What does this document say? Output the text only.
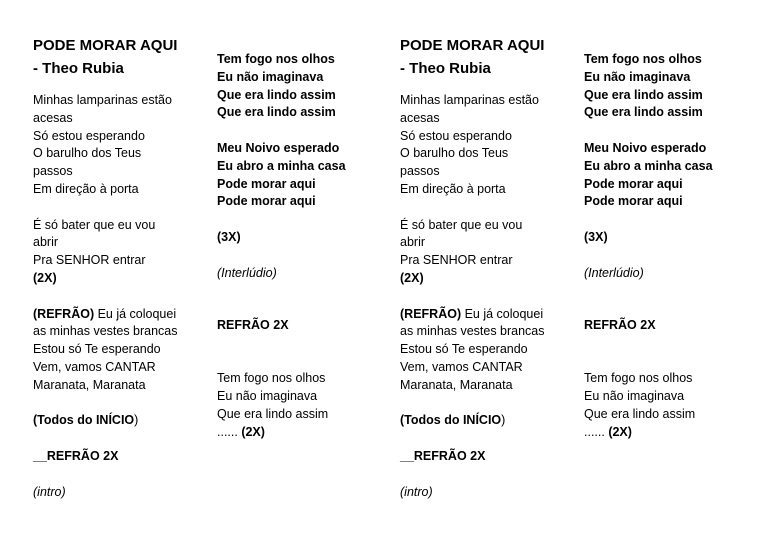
PODE MORAR AQUI
- Theo Rubia
Minhas lamparinas estão
acesas
Só estou esperando
O barulho dos Teus
passos
Em direção à porta
É só bater que eu vou
abrir
Pra SENHOR entrar
(2X)
(REFRÃO) Eu já coloquei
as minhas vestes brancas
Estou só Te esperando
Vem, vamos CANTAR
Maranata, Maranata
(Todos do INÍCIO)
__REFRÃO 2X
(intro)
Tem fogo nos olhos
Eu não imaginava
Que era lindo assim
Que era lindo assim
Meu Noivo esperado
Eu abro a minha casa
Pode morar aqui
Pode morar aqui
(3X)
(Interlúdio)
REFRÃO 2X
Tem fogo nos olhos
Eu não imaginava
Que era lindo assim
...... (2X)
PODE MORAR AQUI
- Theo Rubia
Minhas lamparinas estão
acesas
Só estou esperando
O barulho dos Teus
passos
Em direção à porta
É só bater que eu vou
abrir
Pra SENHOR entrar
(2X)
(REFRÃO) Eu já coloquei
as minhas vestes brancas
Estou só Te esperando
Vem, vamos CANTAR
Maranata, Maranata
(Todos do INÍCIO)
__REFRÃO 2X
(intro)
Tem fogo nos olhos
Eu não imaginava
Que era lindo assim
Que era lindo assim
Meu Noivo esperado
Eu abro a minha casa
Pode morar aqui
Pode morar aqui
(3X)
(Interlúdio)
REFRÃO 2X
Tem fogo nos olhos
Eu não imaginava
Que era lindo assim
...... (2X)
